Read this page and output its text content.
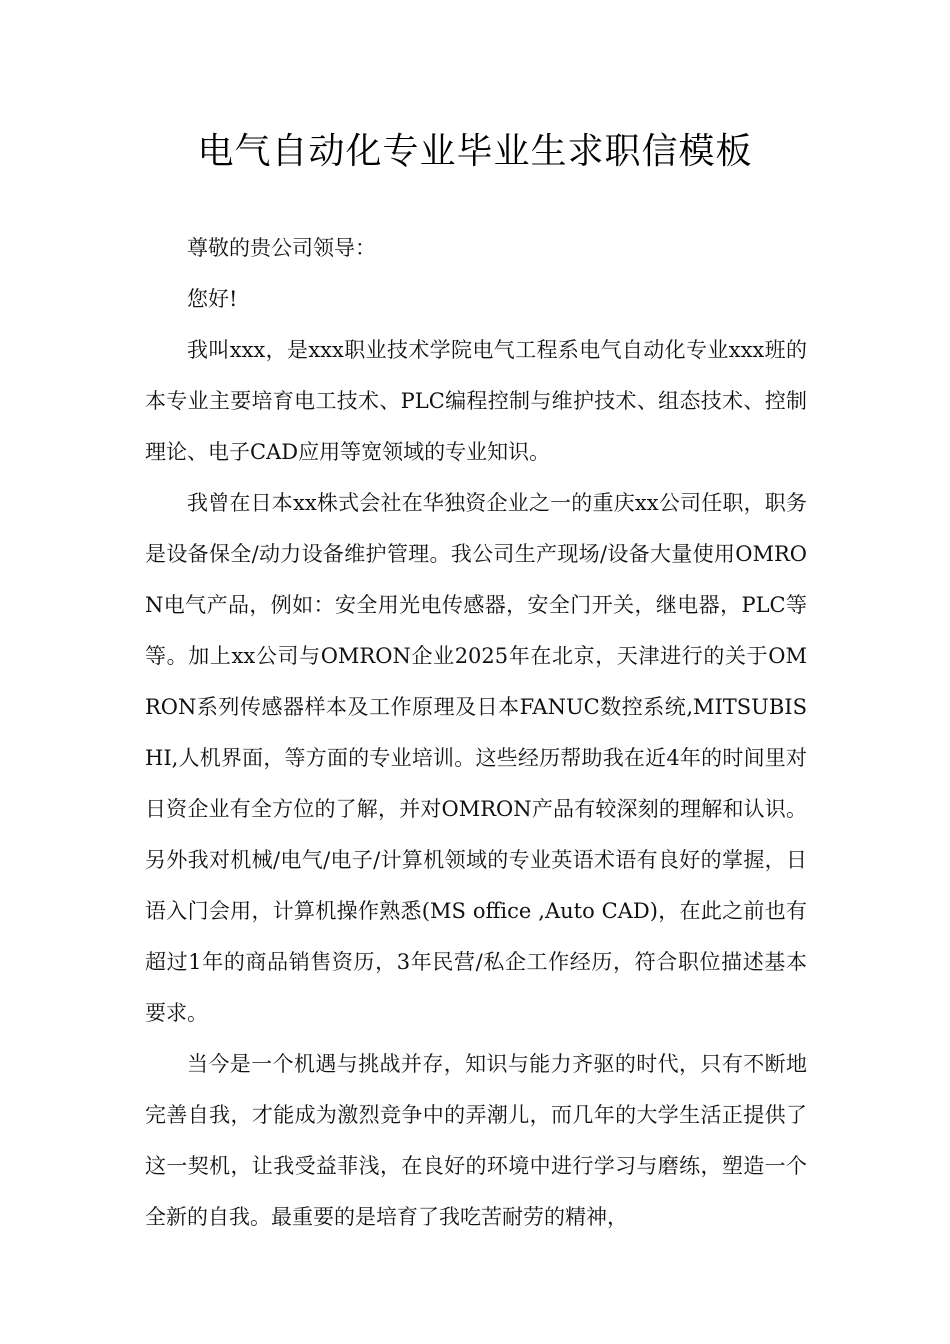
电气自动化专业毕业生求职信模板

尊敬的贵公司领导：

您好!

我叫xxx，是xxx职业技术学院电气工程系电气自动化专业xxx班的本专业主要培育电工技术、PLC编程控制与维护技术、组态技术、控制理论、电子CAD应用等宽领域的专业知识。

我曾在日本xx株式会社在华独资企业之一的重庆xx公司任职，职务是设备保全/动力设备维护管理。我公司生产现场/设备大量使用OMRON电气产品，例如：安全用光电传感器，安全门开关，继电器，PLC等等。加上xx公司与OMRON企业2025年在北京，天津进行的关于OMRON系列传感器样本及工作原理及日本FANUC数控系统,MITSUBISHI,人机界面，等方面的专业培训。这些经历帮助我在近4年的时间里对日资企业有全方位的了解，并对OMRON产品有较深刻的理解和认识。另外我对机械/电气/电子/计算机领域的专业英语术语有良好的掌握，日语入门会用，计算机操作熟悉(MS office ,Auto CAD)，在此之前也有超过1年的商品销售资历，3年民营/私企工作经历，符合职位描述基本要求。

当今是一个机遇与挑战并存，知识与能力齐驱的时代，只有不断地完善自我，才能成为激烈竞争中的弄潮儿，而几年的大学生活正提供了这一契机，让我受益菲浅，在良好的环境中进行学习与磨练，塑造一个全新的自我。最重要的是培育了我吃苦耐劳的精神，
